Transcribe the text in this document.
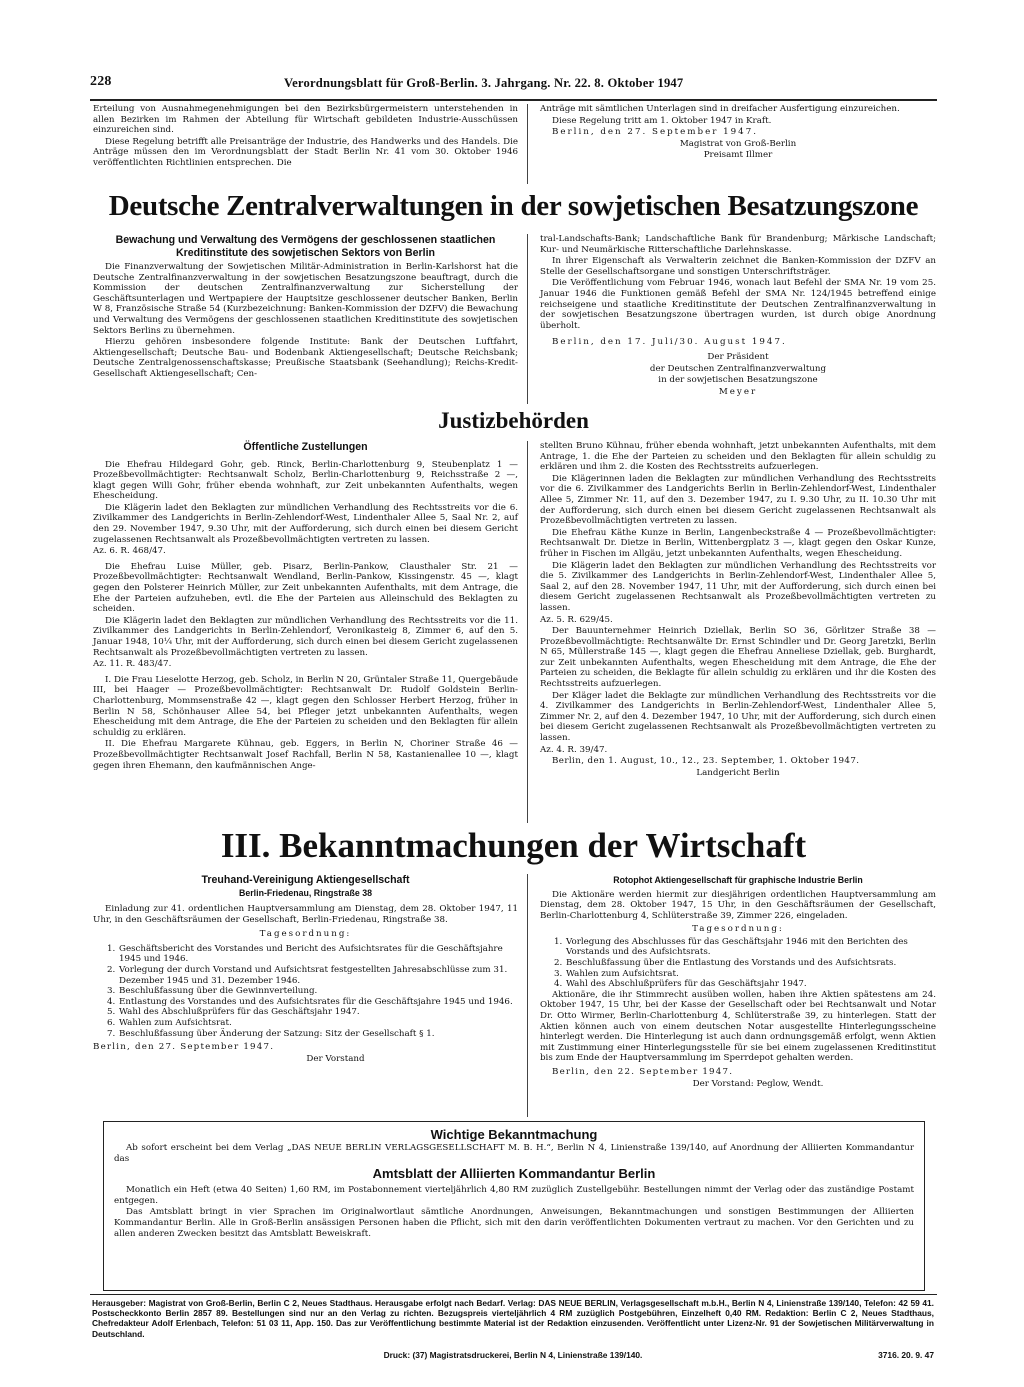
228	Verordnungsblatt für Groß-Berlin. 3. Jahrgang. Nr. 22. 8. Oktober 1947

Erteilung von Ausnahmegenehmigungen bei den Bezirksbürgermeistern unterstehenden in allen Bezirken im Rahmen der Abteilung für Wirtschaft gebildeten Industrie-Ausschüssen einzureichen sind.

Diese Regelung betrifft alle Preisanträge der Industrie, des Handwerks und des Handels. Die Anträge müssen den im Verordnungsblatt der Stadt Berlin Nr. 41 vom 30. Oktober 1946 veröffentlichten Richtlinien entsprechen. Die

Anträge mit sämtlichen Unterlagen sind in dreifacher Ausfertigung einzureichen.

Diese Regelung tritt am 1. Oktober 1947 in Kraft.

Berlin, den 27. September 1947.

Magistrat von Groß-Berlin

Preisamt Illmer

Deutsche Zentralverwaltungen in der sowjetischen Besatzungszone
Bewachung und Verwaltung des Vermögens der geschlossenen staatlichen Kreditinstitute des sowjetischen Sektors von Berlin

Die Finanzverwaltung der Sowjetischen Militär-Administration in Berlin-Karlshorst hat die Deutsche Zentralfinanzverwaltung in der sowjetischen Besatzungszone beauftragt, durch die Kommission der deutschen Zentralfinanzverwaltung zur Sicherstellung der Geschäftsunterlagen und Wertpapiere der Hauptsitze geschlossener deutscher Banken, Berlin W 8, Französische Straße 54 (Kurzbezeichnung: Banken-Kommission der DZFV) die Bewachung und Verwaltung des Vermögens der geschlossenen staatlichen Kreditinstitute des sowjetischen Sektors Berlins zu übernehmen.

Hierzu gehören insbesondere folgende Institute: Bank der Deutschen Luftfahrt, Aktiengesellschaft; Deutsche Bau- und Bodenbank Aktiengesellschaft; Deutsche Reichsbank; Deutsche Zentralgenossenschaftskasse; Preußische Staatsbank (Seehandlung); Reichs-Kredit-Gesellschaft Aktiengesellschaft; Cen-

tral-Landschafts-Bank; Landschaftliche Bank für Brandenburg; Märkische Landschaft; Kur- und Neumärkische Ritterschaftliche Darlehnskasse.

In ihrer Eigenschaft als Verwalterin zeichnet die Banken-Kommission der DZFV an Stelle der Gesellschaftsorgane und sonstigen Unterschriftsträger.

Die Veröffentlichung vom Februar 1946, wonach laut Befehl der SMA Nr. 19 vom 25. Januar 1946 die Funktionen gemäß Befehl der SMA Nr. 124/1945 betreffend einige reichseigene und staatliche Kreditinstitute der Deutschen Zentralfinanzverwaltung in der sowjetischen Besatzungszone übertragen wurden, ist durch obige Anordnung überholt.

Berlin, den 17. Juli/30. August 1947.

Der Präsident

der Deutschen Zentralfinanzverwaltung

in der sowjetischen Besatzungszone

Meyer

Justizbehörden
Öffentliche Zustellungen

Die Ehefrau Hildegard Gohr, geb. Rinck, Berlin-Charlottenburg 9, Steubenplatz 1 — Prozeßbevollmächtigter: Rechtsanwalt Scholz, Berlin-Charlottenburg 9, Reichsstraße 2 —, klagt gegen Willi Gohr, früher ebenda wohnhaft, zur Zeit unbekannten Aufenthalts, wegen Ehescheidung.

Die Klägerin ladet den Beklagten zur mündlichen Verhandlung des Rechtsstreits vor die 6. Zivilkammer des Landgerichts in Berlin-Zehlendorf-West, Lindenthaler Allee 5, Saal Nr. 2, auf den 29. November 1947, 9.30 Uhr, mit der Aufforderung, sich durch einen bei diesem Gericht zugelassenen Rechtsanwalt als Prozeßbevollmächtigten vertreten zu lassen.

Az. 6. R. 468/47.

Die Ehefrau Luise Müller, geb. Pisarz, Berlin-Pankow, Clausthaler Str. 21 — Prozeßbevollmächtigter: Rechtsanwalt Wendland, Berlin-Pankow, Kissingenstr. 45 —, klagt gegen den Polsterer Heinrich Müller, zur Zeit unbekannten Aufenthalts, mit dem Antrage, die Ehe der Parteien aufzuheben, evtl. die Ehe der Parteien aus Alleinschuld des Beklagten zu scheiden.

Die Klägerin ladet den Beklagten zur mündlichen Verhandlung des Rechtsstreits vor die 11. Zivilkammer des Landgerichts in Berlin-Zehlendorf, Veronikasteig 8, Zimmer 6, auf den 5. Januar 1948, 10¼ Uhr, mit der Aufforderung, sich durch einen bei diesem Gericht zugelassenen Rechtsanwalt als Prozeßbevollmächtigten vertreten zu lassen.

Az. 11. R. 483/47.

I. Die Frau Lieselotte Herzog, geb. Scholz, in Berlin N 20, Grüntaler Straße 11, Quergebäude III, bei Haager — Prozeßbevollmächtigter: Rechtsanwalt Dr. Rudolf Goldstein Berlin-Charlottenburg, Mommsenstraße 42 —, klagt gegen den Schlosser Herbert Herzog, früher in Berlin N 58, Schönhauser Allee 54, bei Pfleger jetzt unbekannten Aufenthalts, wegen Ehescheidung mit dem Antrage, die Ehe der Parteien zu scheiden und den Beklagten für allein schuldig zu erklären.

II. Die Ehefrau Margarete Kühnau, geb. Eggers, in Berlin N, Choriner Straße 46 — Prozeßbevollmächtigter Rechtsanwalt Josef Rachfall, Berlin N 58, Kastanienallee 10 —, klagt gegen ihren Ehemann, den kaufmännischen Ange-

stellten Bruno Kühnau, früher ebenda wohnhaft, jetzt unbekannten Aufenthalts, mit dem Antrage, 1. die Ehe der Parteien zu scheiden und den Beklagten für allein schuldig zu erklären und ihm 2. die Kosten des Rechtsstreits aufzuerlegen.

Die Klägerinnen laden die Beklagten zur mündlichen Verhandlung des Rechtsstreits vor die 6. Zivilkammer des Landgerichts Berlin in Berlin-Zehlendorf-West, Lindenthaler Allee 5, Zimmer Nr. 11, auf den 3. Dezember 1947, zu I. 9.30 Uhr, zu II. 10.30 Uhr mit der Aufforderung, sich durch einen bei diesem Gericht zugelassenen Rechtsanwalt als Prozeßbevollmächtigten vertreten zu lassen.

Die Ehefrau Käthe Kunze in Berlin, Langenbeckstraße 4 — Prozeßbevollmächtigter: Rechtsanwalt Dr. Dietze in Berlin, Wittenbergplatz 3 —, klagt gegen den Oskar Kunze, früher in Fischen im Allgäu, jetzt unbekannten Aufenthalts, wegen Ehescheidung.

Die Klägerin ladet den Beklagten zur mündlichen Verhandlung des Rechtsstreits vor die 5. Zivilkammer des Landgerichts in Berlin-Zehlendorf-West, Lindenthaler Allee 5, Saal 2, auf den 28. November 1947, 11 Uhr, mit der Aufforderung, sich durch einen bei diesem Gericht zugelassenen Rechtsanwalt als Prozeßbevollmächtigten vertreten zu lassen.

Az. 5. R. 629/45.

Der Bauunternehmer Heinrich Dziellak, Berlin SO 36, Görlitzer Straße 38 — Prozeßbevollmächtigte: Rechtsanwälte Dr. Ernst Schindler und Dr. Georg Jaretzki, Berlin N 65, Müllerstraße 145 —, klagt gegen die Ehefrau Anneliese Dziellak, geb. Burghardt, zur Zeit unbekannten Aufenthalts, wegen Ehescheidung mit dem Antrage, die Ehe der Parteien zu scheiden, die Beklagte für allein schuldig zu erklären und ihr die Kosten des Rechtsstreits aufzuerlegen.

Der Kläger ladet die Beklagte zur mündlichen Verhandlung des Rechtsstreits vor die 4. Zivilkammer des Landgerichts in Berlin-Zehlendorf-West, Lindenthaler Allee 5, Zimmer Nr. 2, auf den 4. Dezember 1947, 10 Uhr, mit der Aufforderung, sich durch einen bei diesem Gericht zugelassenen Rechtsanwalt als Prozeßbevollmächtigten vertreten zu lassen.

Az. 4. R. 39/47.

Berlin, den 1. August, 10., 12., 23. September, 1. Oktober 1947.

Landgericht Berlin

III. Bekanntmachungen der Wirtschaft
Treuhand-Vereinigung Aktiengesellschaft
Berlin-Friedenau, Ringstraße 38

Einladung zur 41. ordentlichen Hauptversammlung am Dienstag, dem 28. Oktober 1947, 11 Uhr, in den Geschäftsräumen der Gesellschaft, Berlin-Friedenau, Ringstraße 38.

Tagesordnung:

1. Geschäftsbericht des Vorstandes und Bericht des Aufsichtsrates für die Geschäftsjahre 1945 und 1946.
2. Vorlegung der durch Vorstand und Aufsichtsrat festgestellten Jahresabschlüsse zum 31. Dezember 1945 und 31. Dezember 1946.
3. Beschlußfassung über die Gewinnverteilung.
4. Entlastung des Vorstandes und des Aufsichtsrates für die Geschäftsjahre 1945 und 1946.
5. Wahl des Abschlußprüfers für das Geschäftsjahr 1947.
6. Wahlen zum Aufsichtsrat.
7. Beschlußfassung über Änderung der Satzung: Sitz der Gesellschaft § 1.

Berlin, den 27. September 1947.

Der Vorstand

Rotophot Aktiengesellschaft für graphische Industrie Berlin

Die Aktionäre werden hiermit zur diesjährigen ordentlichen Hauptversammlung am Dienstag, dem 28. Oktober 1947, 15 Uhr, in den Geschäftsräumen der Gesellschaft, Berlin-Charlottenburg 4, Schlüterstraße 39, Zimmer 226, eingeladen.

Tagesordnung:

1. Vorlegung des Abschlusses für das Geschäftsjahr 1946 mit den Berichten des Vorstands und des Aufsichtsrats.
2. Beschlußfassung über die Entlastung des Vorstands und des Aufsichtsrats.
3. Wahlen zum Aufsichtsrat.
4. Wahl des Abschlußprüfers für das Geschäftsjahr 1947.

Aktionäre, die ihr Stimmrecht ausüben wollen, haben ihre Aktien spätestens am 24. Oktober 1947, 15 Uhr, bei der Kasse der Gesellschaft oder bei Rechtsanwalt und Notar Dr. Otto Wirmer, Berlin-Charlottenburg 4, Schlüterstraße 39, zu hinterlegen. Statt der Aktien können auch von einem deutschen Notar ausgestellte Hinterlegungsscheine hinterlegt werden. Die Hinterlegung ist auch dann ordnungsgemäß erfolgt, wenn Aktien mit Zustimmung einer Hinterlegungsstelle für sie bei einem zugelassenen Kreditinstitut bis zum Ende der Hauptversammlung im Sperrdepot gehalten werden.

Berlin, den 22. September 1947.

Der Vorstand: Peglow, Wendt.

Wichtige Bekanntmachung

Ab sofort erscheint bei dem Verlag „DAS NEUE BERLIN VERLAGSGESELLSCHAFT M. B. H.“, Berlin N 4, Linienstraße 139/140, auf Anordnung der Alliierten Kommandantur das

Amtsblatt der Alliierten Kommandantur Berlin

Monatlich ein Heft (etwa 40 Seiten) 1,60 RM, im Postabonnement vierteljährlich 4,80 RM zuzüglich Zustellgebühr. Bestellungen nimmt der Verlag oder das zuständige Postamt entgegen.

Das Amtsblatt bringt in vier Sprachen im Originalwortlaut sämtliche Anordnungen, Anweisungen, Bekanntmachungen und sonstigen Bestimmungen der Alliierten Kommandantur Berlin. Alle in Groß-Berlin ansässigen Personen haben die Pflicht, sich mit den darin veröffentlichten Dokumenten vertraut zu machen. Vor den Gerichten und zu allen anderen Zwecken besitzt das Amtsblatt Beweiskraft.

Herausgeber: Magistrat von Groß-Berlin, Berlin C 2, Neues Stadthaus. Herausgabe erfolgt nach Bedarf. Verlag: DAS NEUE BERLIN, Verlagsgesellschaft m.b.H., Berlin N 4, Linienstraße 139/140, Telefon: 42 59 41. Postscheckkonto Berlin 2857 89. Bestellungen sind nur an den Verlag zu richten. Bezugspreis vierteljährlich 4 RM zuzüglich Postgebühren, Einzelheft 0,40 RM. Redaktion: Berlin C 2, Neues Stadthaus, Chefredakteur Adolf Erlenbach, Telefon: 51 03 11, App. 150. Das zur Veröffentlichung bestimmte Material ist der Redaktion einzusenden. Veröffentlicht unter Lizenz-Nr. 91 der Sowjetischen Militärverwaltung in Deutschland.
Druck: (37) Magistratsdruckerei, Berlin N 4, Linienstraße 139/140.	3716. 20. 9. 47
